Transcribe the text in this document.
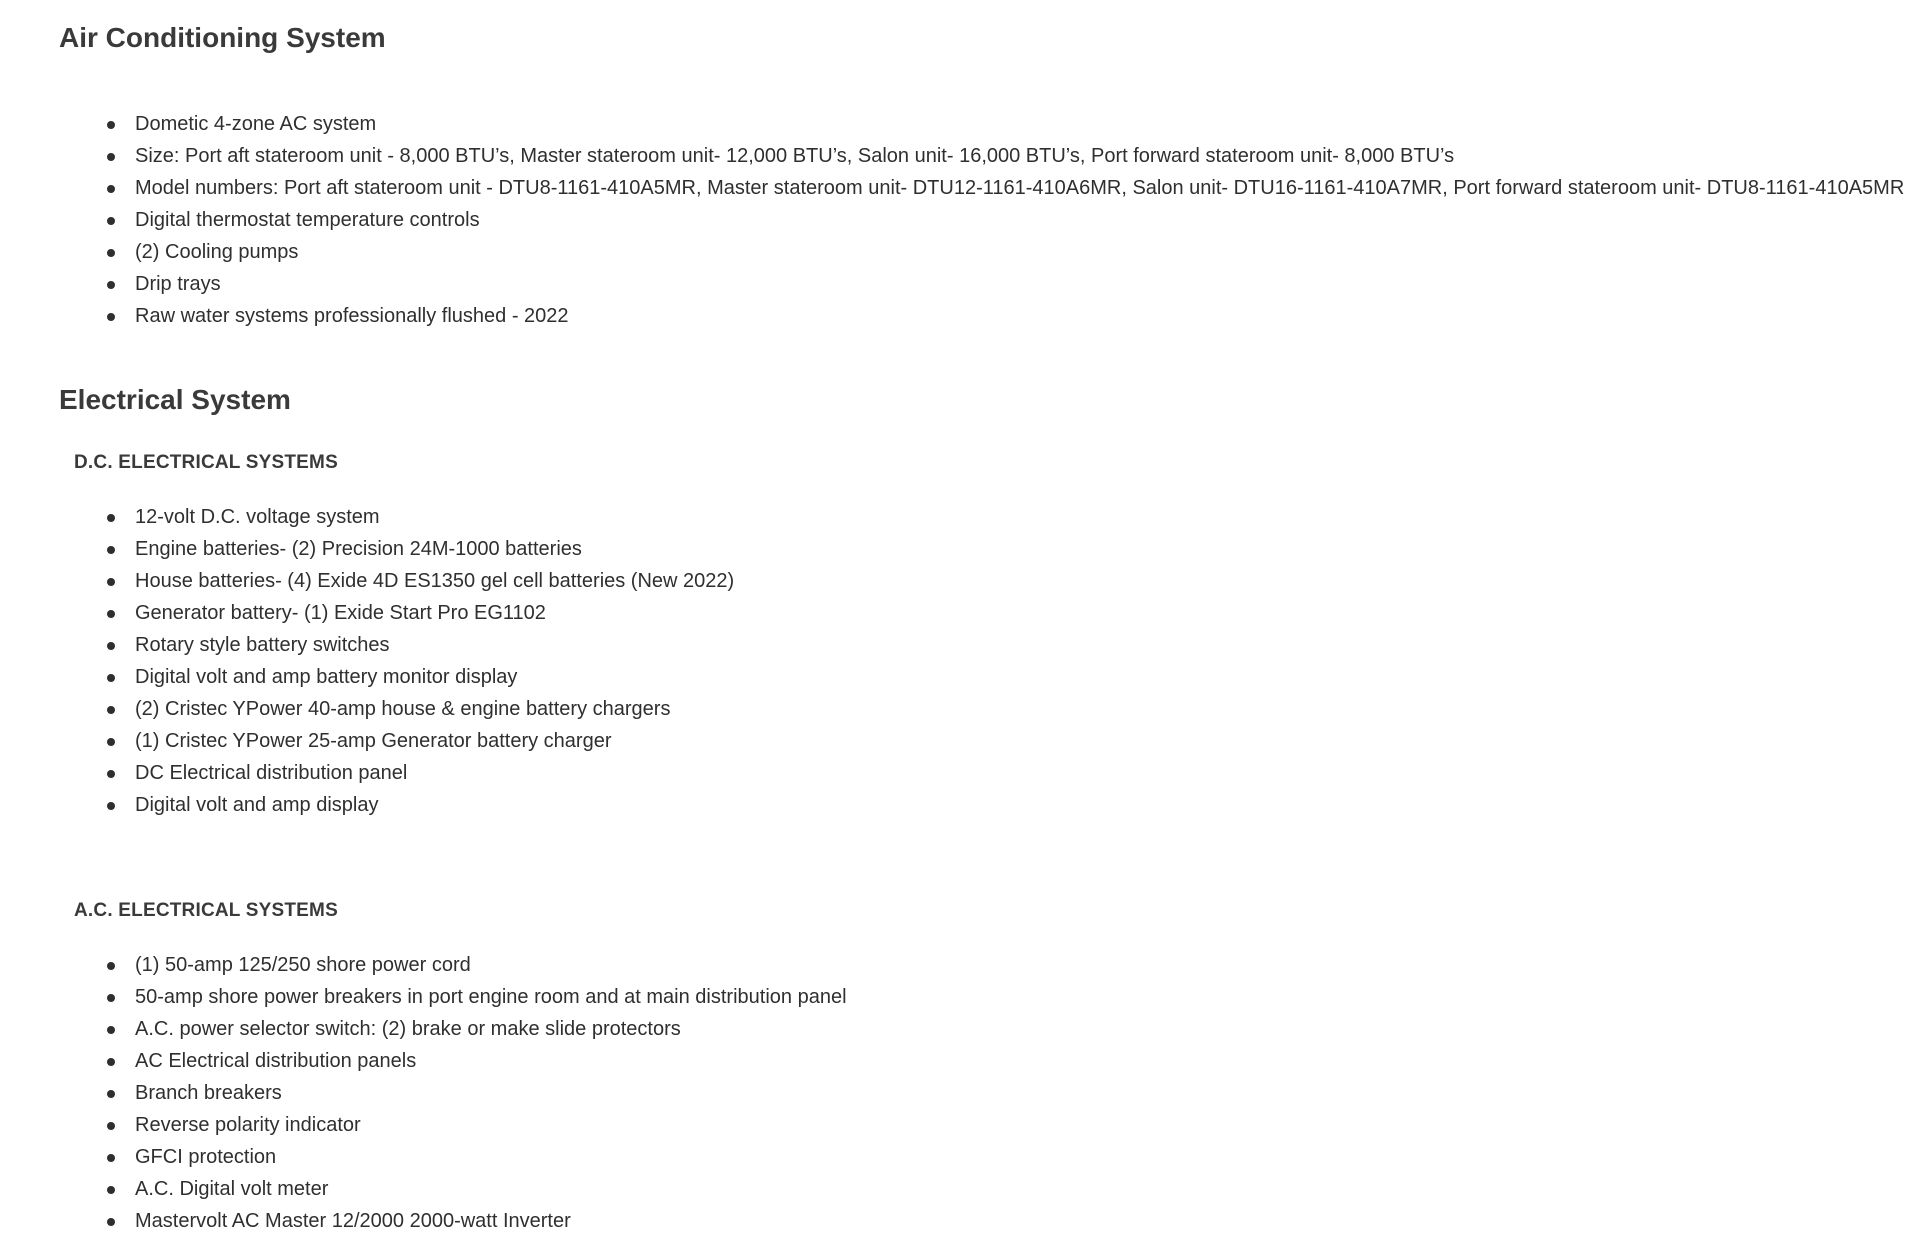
Air Conditioning System
Dometic 4-zone AC system
Size: Port aft stateroom unit - 8,000 BTU’s, Master stateroom unit- 12,000 BTU’s, Salon unit- 16,000 BTU’s, Port forward stateroom unit- 8,000 BTU’s
Model numbers: Port aft stateroom unit - DTU8-1161-410A5MR, Master stateroom unit- DTU12-1161-410A6MR, Salon unit- DTU16-1161-410A7MR, Port forward stateroom unit- DTU8-1161-410A5MR
Digital thermostat temperature controls
(2) Cooling pumps
Drip trays
Raw water systems professionally flushed - 2022
Electrical System
D.C. ELECTRICAL SYSTEMS
12-volt D.C. voltage system
Engine batteries- (2) Precision 24M-1000 batteries
House batteries- (4) Exide 4D ES1350 gel cell batteries (New 2022)
Generator battery- (1) Exide Start Pro EG1102
Rotary style battery switches
Digital volt and amp battery monitor display
(2) Cristec YPower 40-amp house & engine battery chargers
(1) Cristec YPower 25-amp Generator battery charger
DC Electrical distribution panel
Digital volt and amp display
A.C. ELECTRICAL SYSTEMS
(1) 50-amp 125/250 shore power cord
50-amp shore power breakers in port engine room and at main distribution panel
A.C. power selector switch: (2) brake or make slide protectors
AC Electrical distribution panels
Branch breakers
Reverse polarity indicator
GFCI protection
A.C. Digital volt meter
Mastervolt AC Master 12/2000 2000-watt Inverter
